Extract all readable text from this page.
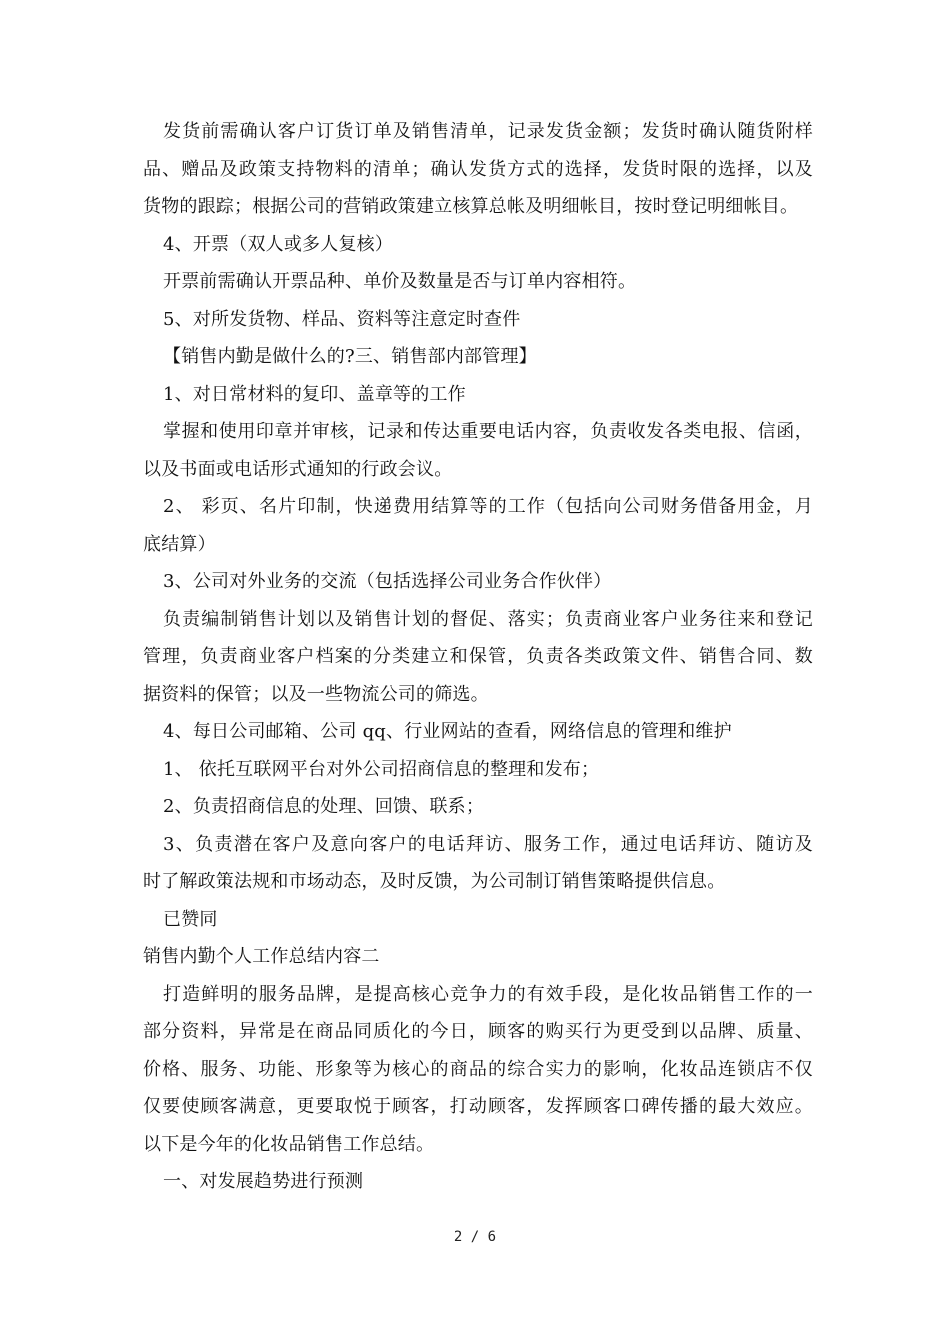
发货前需确认客户订货订单及销售清单，记录发货金额；发货时确认随货附样
品、赠品及政策支持物料的清单；确认发货方式的选择，发货时限的选择，以及
货物的跟踪；根据公司的营销政策建立核算总帐及明细帐目，按时登记明细帐目。
4、开票（双人或多人复核）
开票前需确认开票品种、单价及数量是否与订单内容相符。
5、对所发货物、样品、资料等注意定时查件
【销售内勤是做什么的?三、销售部内部管理】
1、对日常材料的复印、盖章等的工作
掌握和使用印章并审核，记录和传达重要电话内容，负责收发各类电报、信函，
以及书面或电话形式通知的行政会议。
2、 彩页、名片印制，快递费用结算等的工作（包括向公司财务借备用金，月
底结算）
3、公司对外业务的交流（包括选择公司业务合作伙伴）
负责编制销售计划以及销售计划的督促、落实；负责商业客户业务往来和登记
管理，负责商业客户档案的分类建立和保管，负责各类政策文件、销售合同、数
据资料的保管；以及一些物流公司的筛选。
4、每日公司邮箱、公司 qq、行业网站的查看，网络信息的管理和维护
1、 依托互联网平台对外公司招商信息的整理和发布；
2、负责招商信息的处理、回馈、联系；
3、负责潜在客户及意向客户的电话拜访、服务工作，通过电话拜访、随访及
时了解政策法规和市场动态，及时反馈，为公司制订销售策略提供信息。
已赞同
销售内勤个人工作总结内容二
打造鲜明的服务品牌，是提高核心竞争力的有效手段，是化妆品销售工作的一
部分资料，异常是在商品同质化的今日，顾客的购买行为更受到以品牌、质量、
价格、服务、功能、形象等为核心的商品的综合实力的影响，化妆品连锁店不仅
仅要使顾客满意，更要取悦于顾客，打动顾客，发挥顾客口碑传播的最大效应。
以下是今年的化妆品销售工作总结。
一、对发展趋势进行预测
2 / 6
